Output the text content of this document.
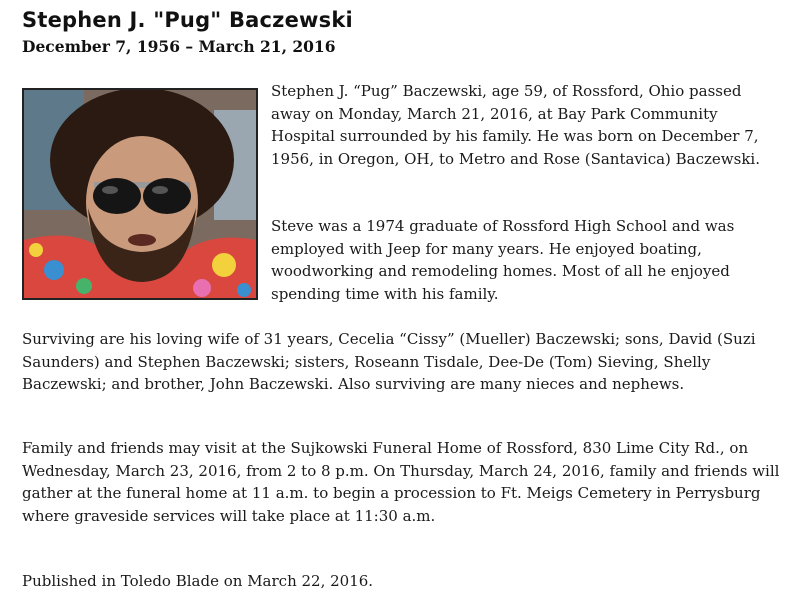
Stephen J. "Pug" Baczewski
December 7, 1956 – March 21, 2016

Stephen J. “Pug” Baczewski, age 59, of Rossford, Ohio passed away on Monday, March 21, 2016, at Bay Park Community Hospital surrounded by his family. He was born on December 7, 1956, in Oregon, OH, to Metro and Rose (Santavica) Baczewski.

Steve was a 1974 graduate of Rossford High School and was employed with Jeep for many years. He enjoyed boating, woodworking and remodeling homes. Most of all he enjoyed spending time with his family.

Surviving are his loving wife of 31 years, Cecelia “Cissy” (Mueller) Baczewski; sons, David (Suzi Saunders) and Stephen Baczewski; sisters, Roseann Tisdale, Dee-De (Tom) Sieving, Shelly Baczewski; and brother, John Baczewski. Also surviving are many nieces and nephews.

Family and friends may visit at the Sujkowski Funeral Home of Rossford, 830 Lime City Rd., on Wednesday, March 23, 2016, from 2 to 8 p.m. On Thursday, March 24, 2016, family and friends will gather at the funeral home at 11 a.m. to begin a procession to Ft. Meigs Cemetery in Perrysburg where graveside services will take place at 11:30 a.m.

Published in Toledo Blade on March 22, 2016.
